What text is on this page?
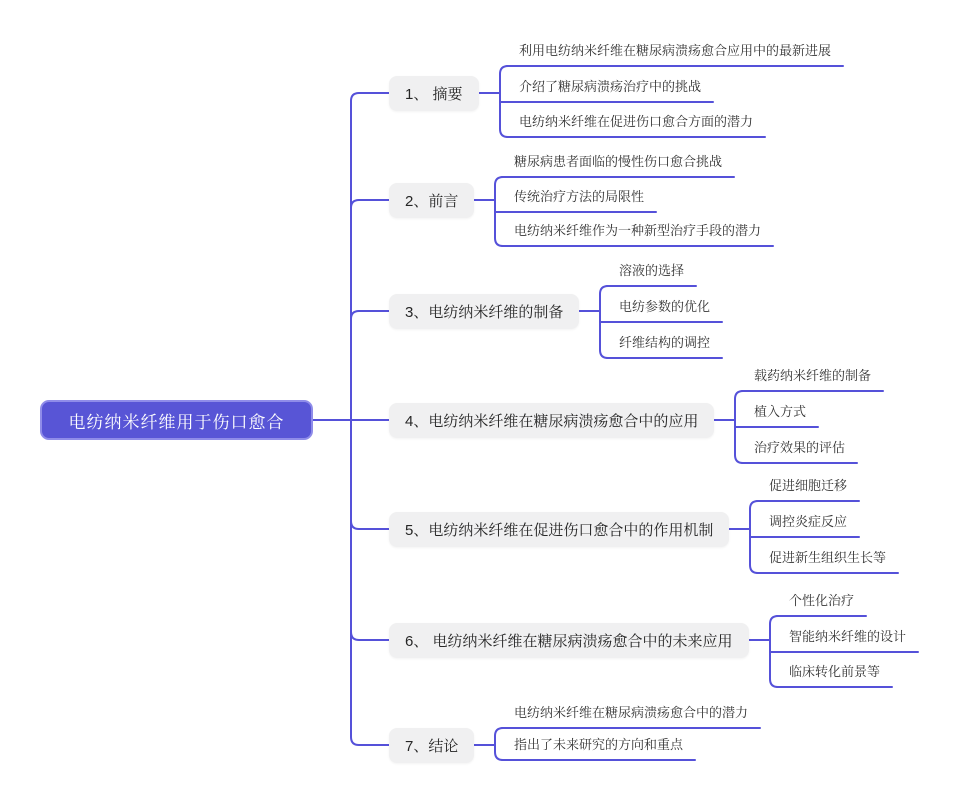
电纺纳米纤维用于伤口愈合
1、 摘要
2、前言
3、电纺纳米纤维的制备
4、电纺纳米纤维在糖尿病溃疡愈合中的应用
5、电纺纳米纤维在促进伤口愈合中的作用机制
6、 电纺纳米纤维在糖尿病溃疡愈合中的未来应用
7、结论
利用电纺纳米纤维在糖尿病溃疡愈合应用中的最新进展
介绍了糖尿病溃疡治疗中的挑战
电纺纳米纤维在促进伤口愈合方面的潜力
糖尿病患者面临的慢性伤口愈合挑战
传统治疗方法的局限性
电纺纳米纤维作为一种新型治疗手段的潜力
溶液的选择
电纺参数的优化
纤维结构的调控
载药纳米纤维的制备
植入方式
治疗效果的评估
促进细胞迁移
调控炎症反应
促进新生组织生长等
个性化治疗
智能纳米纤维的设计
临床转化前景等
电纺纳米纤维在糖尿病溃疡愈合中的潜力
指出了未来研究的方向和重点
